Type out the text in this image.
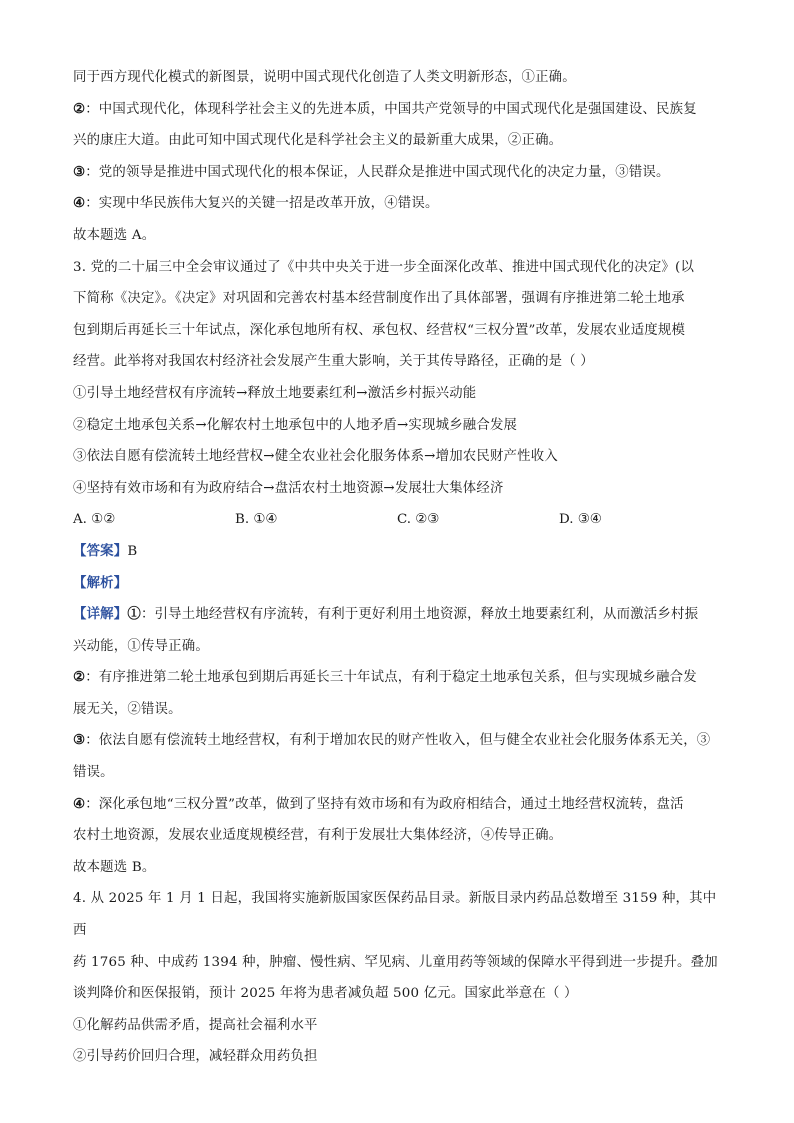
同于西方现代化模式的新图景，说明中国式现代化创造了人类文明新形态，①正确。

②：中国式现代化，体现科学社会主义的先进本质，中国共产党领导的中国式现代化是强国建设、民族复

兴的康庄大道。由此可知中国式现代化是科学社会主义的最新重大成果，②正确。

③：党的领导是推进中国式现代化的根本保证，人民群众是推进中国式现代化的决定力量，③错误。

④：实现中华民族伟大复兴的关键一招是改革开放，④错误。

故本题选 A。

3. 党的二十届三中全会审议通过了《中共中央关于进一步全面深化改革、推进中国式现代化的决定》(以

下简称《决定》。《决定》对巩固和完善农村基本经营制度作出了具体部署，强调有序推进第二轮土地承

包到期后再延长三十年试点，深化承包地所有权、承包权、经营权“三权分置”改革，发展农业适度规模

经营。此举将对我国农村经济社会发展产生重大影响，关于其传导路径，正确的是（ ）

①引导土地经营权有序流转→释放土地要素红利→激活乡村振兴动能

②稳定土地承包关系→化解农村土地承包中的人地矛盾→实现城乡融合发展

③依法自愿有偿流转土地经营权→健全农业社会化服务体系→增加农民财产性收入

④坚持有效市场和有为政府结合→盘活农村土地资源→发展壮大集体经济

A. ①②	B. ①④	C. ②③	D. ③④

【答案】B

【解析】

【详解】①：引导土地经营权有序流转，有利于更好利用土地资源，释放土地要素红利，从而激活乡村振

兴动能，①传导正确。

②：有序推进第二轮土地承包到期后再延长三十年试点，有利于稳定土地承包关系，但与实现城乡融合发

展无关，②错误。

③：依法自愿有偿流转土地经营权，有利于增加农民的财产性收入，但与健全农业社会化服务体系无关，③

错误。

④：深化承包地“三权分置”改革，做到了坚持有效市场和有为政府相结合，通过土地经营权流转，盘活

农村土地资源，发展农业适度规模经营，有利于发展壮大集体经济，④传导正确。

故本题选 B。

4. 从 2025 年 1 月 1 日起，我国将实施新版国家医保药品目录。新版目录内药品总数增至 3159 种，其中西

药 1765 种、中成药 1394 种，肿瘤、慢性病、罕见病、儿童用药等领域的保障水平得到进一步提升。叠加

谈判降价和医保报销，预计 2025 年将为患者减负超 500 亿元。国家此举意在（ ）

①化解药品供需矛盾，提高社会福利水平

②引导药价回归合理，减轻群众用药负担
